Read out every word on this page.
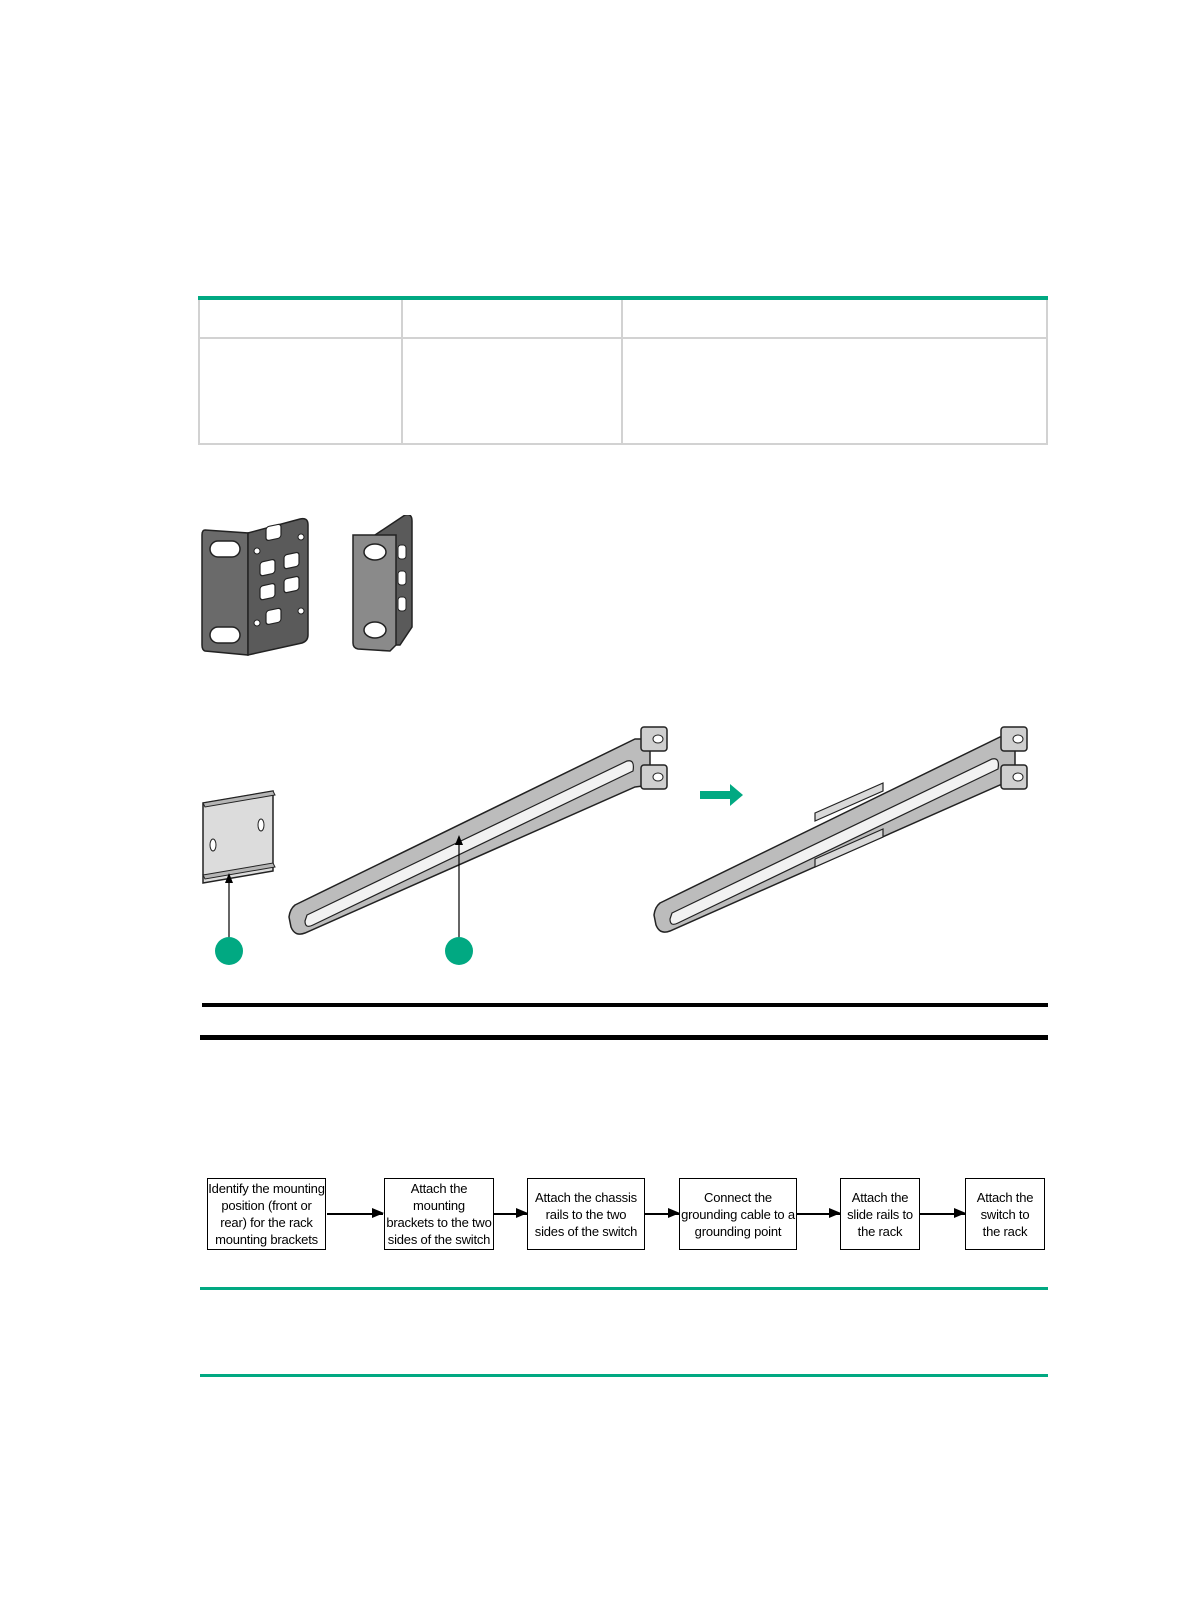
Identify the mounting
position (front or
rear) for the rack
mounting brackets
Attach the mounting
brackets to the two
sides of the switch
Attach the chassis
rails to the two
sides of the switch
Connect the
grounding cable to a
grounding point
Attach the
slide rails to
the rack
Attach the
switch to
the rack
